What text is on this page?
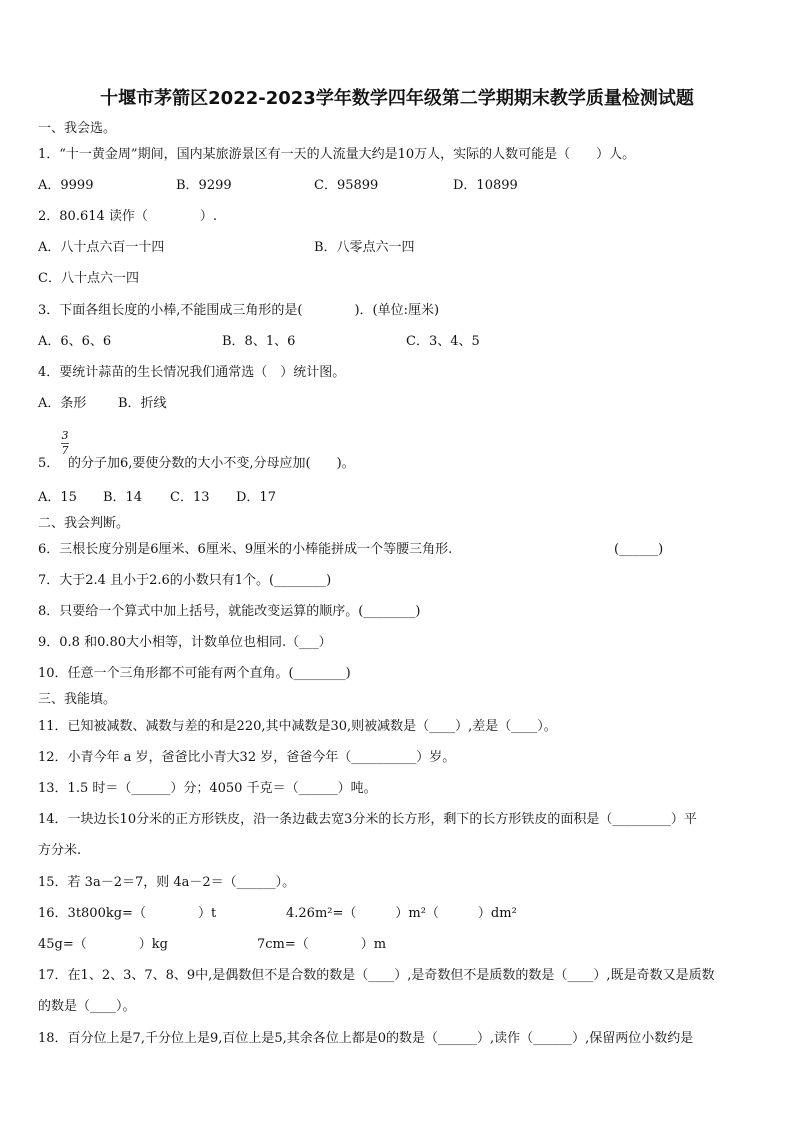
十堰市茅箭区2022-2023学年数学四年级第二学期期末教学质量检测试题
一、我会选。
1．“十一黄金周”期间，国内某旅游景区有一天的人流量大约是10万人，实际的人数可能是（　　）人。
A．9999	B．9299	C．95899	D．10899
2．80.614 读作（　　　　）.
A．八十点六百一十四	B．八零点六一四
C．八十点六一四
3．下面各组长度的小棒,不能围成三角形的是(　　　　)．(单位:厘米)
A．6、6、6	B．8、1、6	C．3、4、5
4．要统计蒜苗的生长情况我们通常选（　）统计图。
A．条形 B．折线
3
7
5． 的分子加6,要使分数的大小不变,分母应加(　　)。
A．15 B．14 C．13 D．17
二、我会判断。
6．三根长度分别是6厘米、6厘米、9厘米的小棒能拼成一个等腰三角形.	(______)
7．大于2.4 且小于2.6的小数只有1个。(________)
8．只要给一个算式中加上括号，就能改变运算的顺序。(________)
9．0.8 和0.80大小相等，计数单位也相同.（___）
10．任意一个三角形都不可能有两个直角。(________)
三、我能填。
11．已知被减数、减数与差的和是220,其中减数是30,则被减数是（____）,差是（____）。
12．小青今年 a 岁，爸爸比小青大32 岁，爸爸今年（__________）岁。
13．1.5 时＝（______）分；4050 千克＝（______）吨。
14．一块边长10分米的正方形铁皮，沿一条边截去宽3分米的长方形，剩下的长方形铁皮的面积是（_________）平
方分米.
15．若 3a－2＝7，则 4a－2＝（______）。
16．3t800kg=（　　　　）t	4.26m²=（　　　）m²（　　　）dm²
45g=（　　　　）kg	7cm=（　　　　）m
17．在1、2、3、7、8、9中,是偶数但不是合数的数是（____）,是奇数但不是质数的数是（____）,既是奇数又是质数
的数是（____）。
18．百分位上是7,千分位上是9,百位上是5,其余各位上都是0的数是（______）,读作（______）,保留两位小数约是
